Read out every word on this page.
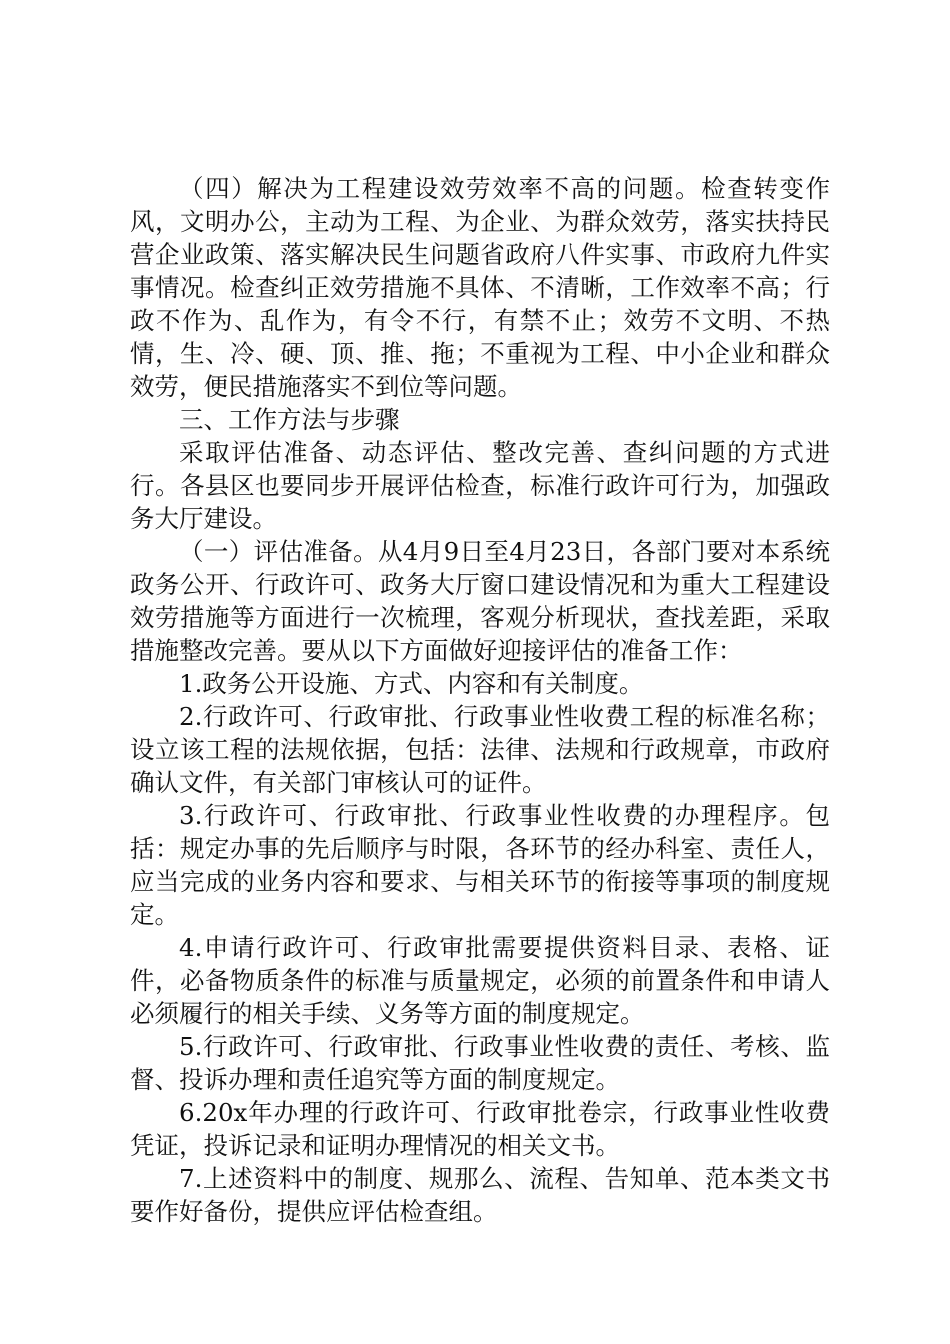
（四）解决为工程建设效劳效率不高的问题。检查转变作风，文明办公，主动为工程、为企业、为群众效劳，落实扶持民营企业政策、落实解决民生问题省政府八件实事、市政府九件实事情况。检查纠正效劳措施不具体、不清晰，工作效率不高；行政不作为、乱作为，有令不行，有禁不止；效劳不文明、不热情，生、冷、硬、顶、推、拖；不重视为工程、中小企业和群众效劳，便民措施落实不到位等问题。

三、工作方法与步骤

采取评估准备、动态评估、整改完善、查纠问题的方式进行。各县区也要同步开展评估检查，标准行政许可行为，加强政务大厅建设。

（一）评估准备。从4月9日至4月23日，各部门要对本系统政务公开、行政许可、政务大厅窗口建设情况和为重大工程建设效劳措施等方面进行一次梳理，客观分析现状，查找差距，采取措施整改完善。要从以下方面做好迎接评估的准备工作：

1.政务公开设施、方式、内容和有关制度。

2.行政许可、行政审批、行政事业性收费工程的标准名称；设立该工程的法规依据，包括：法律、法规和行政规章，市政府确认文件，有关部门审核认可的证件。

3.行政许可、行政审批、行政事业性收费的办理程序。包括：规定办事的先后顺序与时限，各环节的经办科室、责任人，应当完成的业务内容和要求、与相关环节的衔接等事项的制度规定。

4.申请行政许可、行政审批需要提供资料目录、表格、证件，必备物质条件的标准与质量规定，必须的前置条件和申请人必须履行的相关手续、义务等方面的制度规定。

5.行政许可、行政审批、行政事业性收费的责任、考核、监督、投诉办理和责任追究等方面的制度规定。

6.20x年办理的行政许可、行政审批卷宗，行政事业性收费凭证，投诉记录和证明办理情况的相关文书。

7.上述资料中的制度、规那么、流程、告知单、范本类文书要作好备份，提供应评估检查组。
